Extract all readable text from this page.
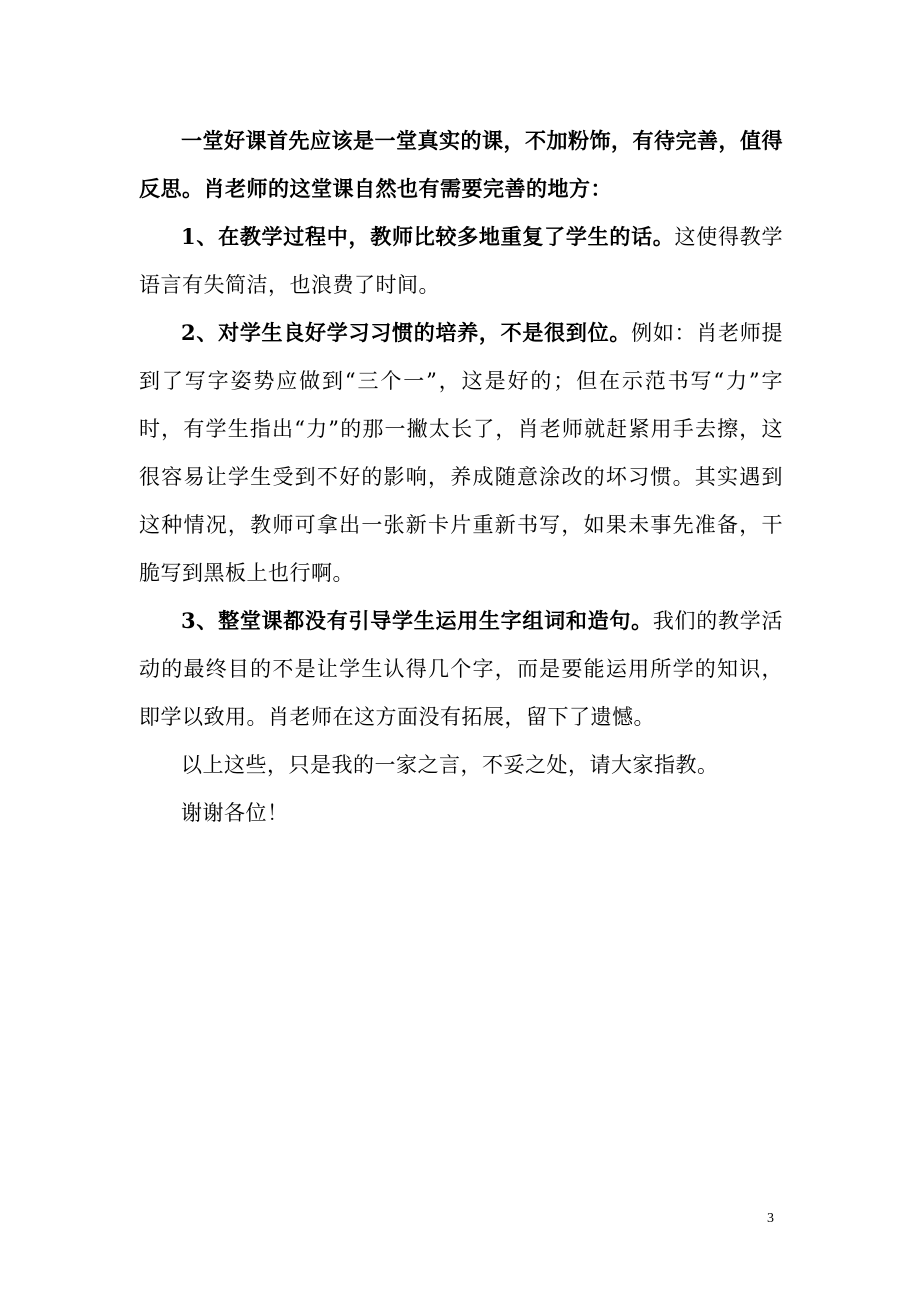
一堂好课首先应该是一堂真实的课，不加粉饰，有待完善，值得反思。肖老师的这堂课自然也有需要完善的地方：

1、在教学过程中，教师比较多地重复了学生的话。这使得教学语言有失简洁，也浪费了时间。

2、对学生良好学习习惯的培养，不是很到位。例如：肖老师提到了写字姿势应做到“三个一”，这是好的；但在示范书写“力”字时，有学生指出“力”的那一撇太长了，肖老师就赶紧用手去擦，这很容易让学生受到不好的影响，养成随意涂改的坏习惯。其实遇到这种情况，教师可拿出一张新卡片重新书写，如果未事先准备，干脆写到黑板上也行啊。

3、整堂课都没有引导学生运用生字组词和造句。我们的教学活动的最终目的不是让学生认得几个字，而是要能运用所学的知识，即学以致用。肖老师在这方面没有拓展，留下了遗憾。

以上这些，只是我的一家之言，不妥之处，请大家指教。

谢谢各位！

3
